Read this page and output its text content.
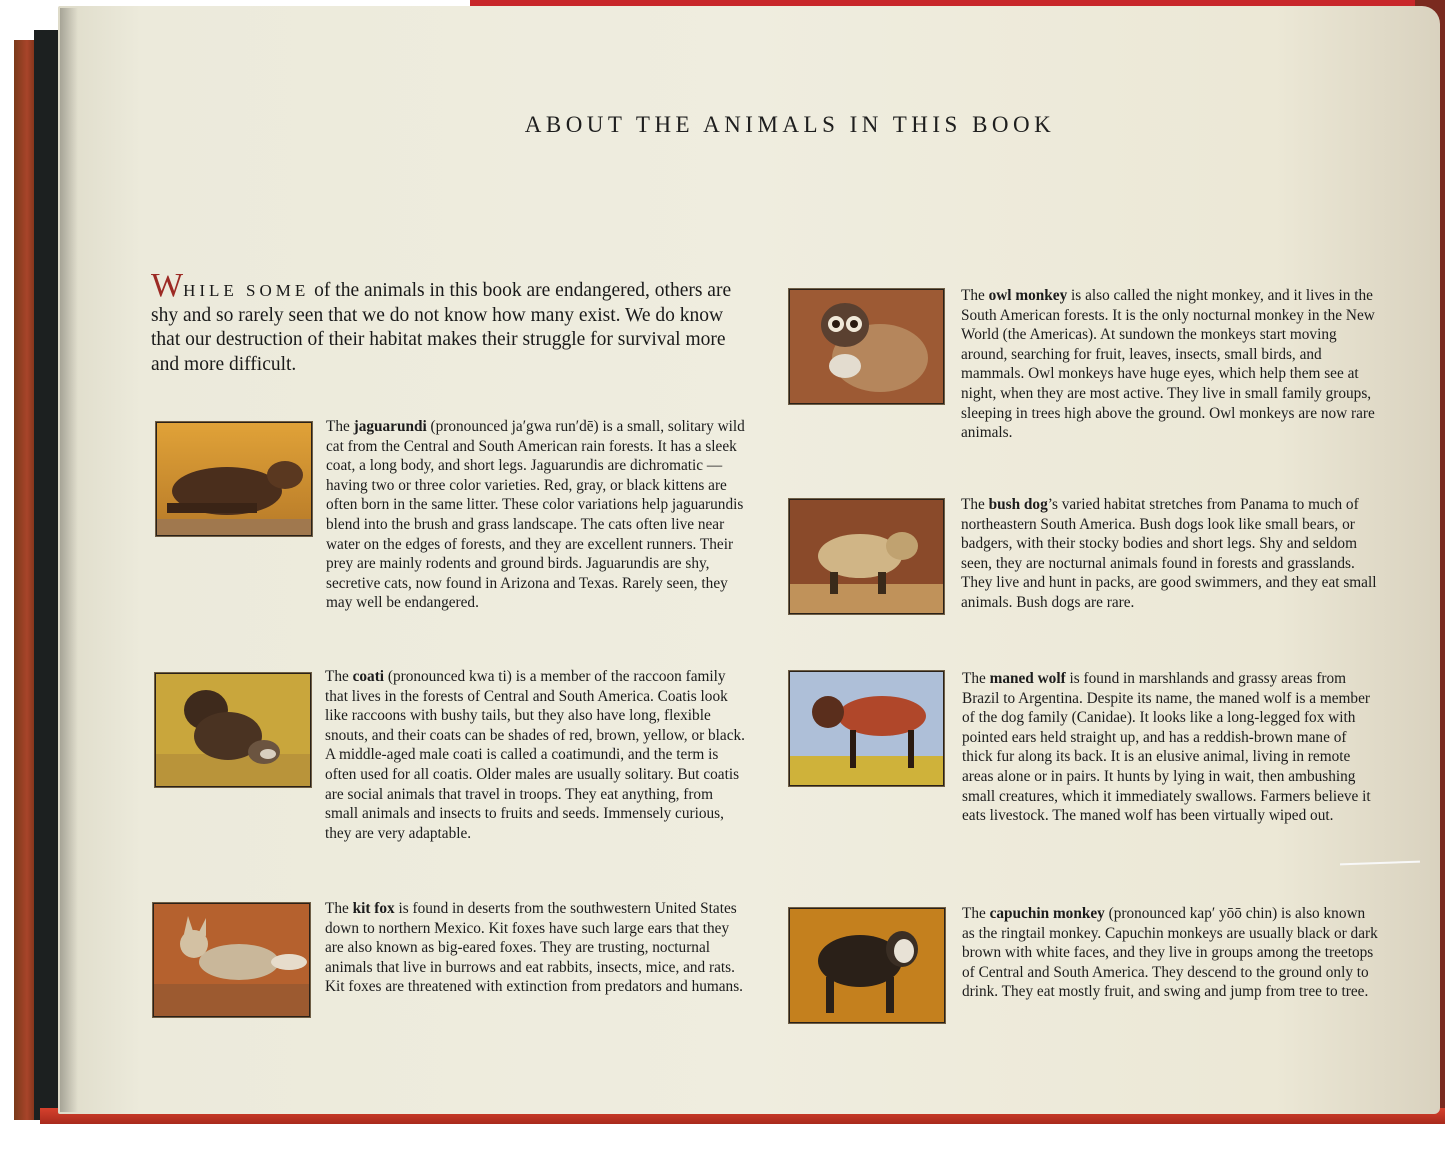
ABOUT THE ANIMALS IN THIS BOOK
WHILE SOME of the animals in this book are endangered, others are shy and so rarely seen that we do not know how many exist. We do know that our destruction of their habitat makes their struggle for survival more and more difficult.
The jaguarundi (pronounced ja′gwa run′dē) is a small, solitary wild cat from the Central and South American rain forests. It has a sleek coat, a long body, and short legs. Jaguarundis are dichromatic — having two or three color varieties. Red, gray, or black kittens are often born in the same litter. These color variations help jaguarundis blend into the brush and grass landscape. The cats often live near water on the edges of forests, and they are excellent runners. Their prey are mainly rodents and ground birds. Jaguarundis are shy, secretive cats, now found in Arizona and Texas. Rarely seen, they may well be endangered.
The coati (pronounced kwa ti) is a member of the raccoon family that lives in the forests of Central and South America. Coatis look like raccoons with bushy tails, but they also have long, flexible snouts, and their coats can be shades of red, brown, yellow, or black. A middle-aged male coati is called a coatimundi, and the term is often used for all coatis. Older males are usually solitary. But coatis are social animals that travel in troops. They eat anything, from small animals and insects to fruits and seeds. Immensely curious, they are very adaptable.
The kit fox is found in deserts from the southwestern United States down to northern Mexico. Kit foxes have such large ears that they are also known as big-eared foxes. They are trusting, nocturnal animals that live in burrows and eat rabbits, insects, mice, and rats. Kit foxes are threatened with extinction from predators and humans.
The owl monkey is also called the night monkey, and it lives in the South American forests. It is the only nocturnal monkey in the New World (the Americas). At sundown the monkeys start moving around, searching for fruit, leaves, insects, small birds, and mammals. Owl monkeys have huge eyes, which help them see at night, when they are most active. They live in small family groups, sleeping in trees high above the ground. Owl monkeys are now rare animals.
The bush dog’s varied habitat stretches from Panama to much of northeastern South America. Bush dogs look like small bears, or badgers, with their stocky bodies and short legs. Shy and seldom seen, they are nocturnal animals found in forests and grasslands. They live and hunt in packs, are good swimmers, and they eat small animals. Bush dogs are rare.
The maned wolf is found in marshlands and grassy areas from Brazil to Argentina. Despite its name, the maned wolf is a member of the dog family (Canidae). It looks like a long-legged fox with pointed ears held straight up, and has a reddish-brown mane of thick fur along its back. It is an elusive animal, living in remote areas alone or in pairs. It hunts by lying in wait, then ambushing small creatures, which it immediately swallows. Farmers believe it eats livestock. The maned wolf has been virtually wiped out.
The capuchin monkey (pronounced kap′ yōō chin) is also known as the ringtail monkey. Capuchin monkeys are usually black or dark brown with white faces, and they live in groups among the treetops of Central and South America. They descend to the ground only to drink. They eat mostly fruit, and swing and jump from tree to tree.
